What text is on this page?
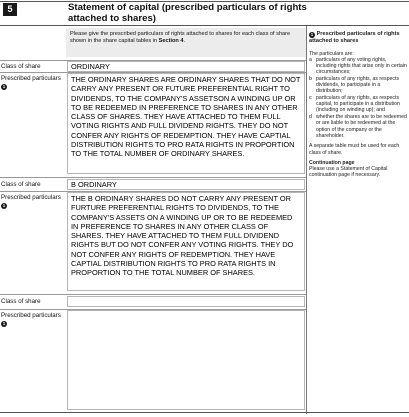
5	Statement of capital (prescribed particulars of rights attached to shares)
Please give the prescribed particulars of rights attached to shares for each class of share shown in the share capital tables in Section 4.
Class of share	ORDINARY
Prescribed particulars
1
THE ORDINARY SHARES ARE ORDINARY SHARES THAT DO NOT CARRY ANY PRESENT OR FUTURE PREFERENTIAL RIGHT TO DIVIDENDS, TO THE COMPANY'S ASSETSON A WINDING UP OR TO BE REDEEMED IN PREFERENCE TO SHARES IN ANY OTHER CLASS OF SHARES. THEY HAVE ATTACHED TO THEM FULL VOTING RIGHTS AND FULL DIVIDEND RIGHTS. THEY DO NOT CONFER ANY RIGHTS OF REDEMPTION. THEY HAVE CAPTIAL DISTRIBUTION RIGHTS TO PRO RATA RIGHTS IN PROPORTION TO THE TOTAL NUMBER OF ORDINARY SHARES.
Class of share	B ORDINARY
Prescribed particulars
1
THE B ORDINARY SHARES DO NOT CARRY ANY PRESENT OR FURTURE PREFERENTIAL RIGHTS TO DIVIDENDS, TO THE COMPANY'S ASSETS ON A WINDING UP OR TO BE REDEEMED IN PREFERENCE TO SHARES IN ANY OTHER CLASS OF SHARES. THEY HAVE ATTACHED TO THEM FULL DIVIDEND RIGHTS BUT DO NOT CONFER ANY VOTING RIGHTS. THEY DO NOT CONFER ANY RIGHTS OF REDEMPTION. THEY HAVE CAPTIAL DISTRIBUTION RIGHTS TO PRO RATA RIGHTS IN PROPORTION TO THE TOTAL NUMBER OF SHARES.
Class of share
Prescribed particulars
1
1 Prescribed particulars of rights attached to shares
The particulars are:
a particulars of any voting rights, including rights that arise only in certain circumstances;
b particulars of any rights, as respects dividends, to participate in a distribution;
c particulars of any rights, as respects capital, to participate in a distribution (including on winding up); and
d whether the shares are to be redeemed or are liable to be redeemed at the option of the company or the shareholder.
A separate table must be used for each class of share.
Continuation page
Please use a Statement of Capital continuation page if necessary.
